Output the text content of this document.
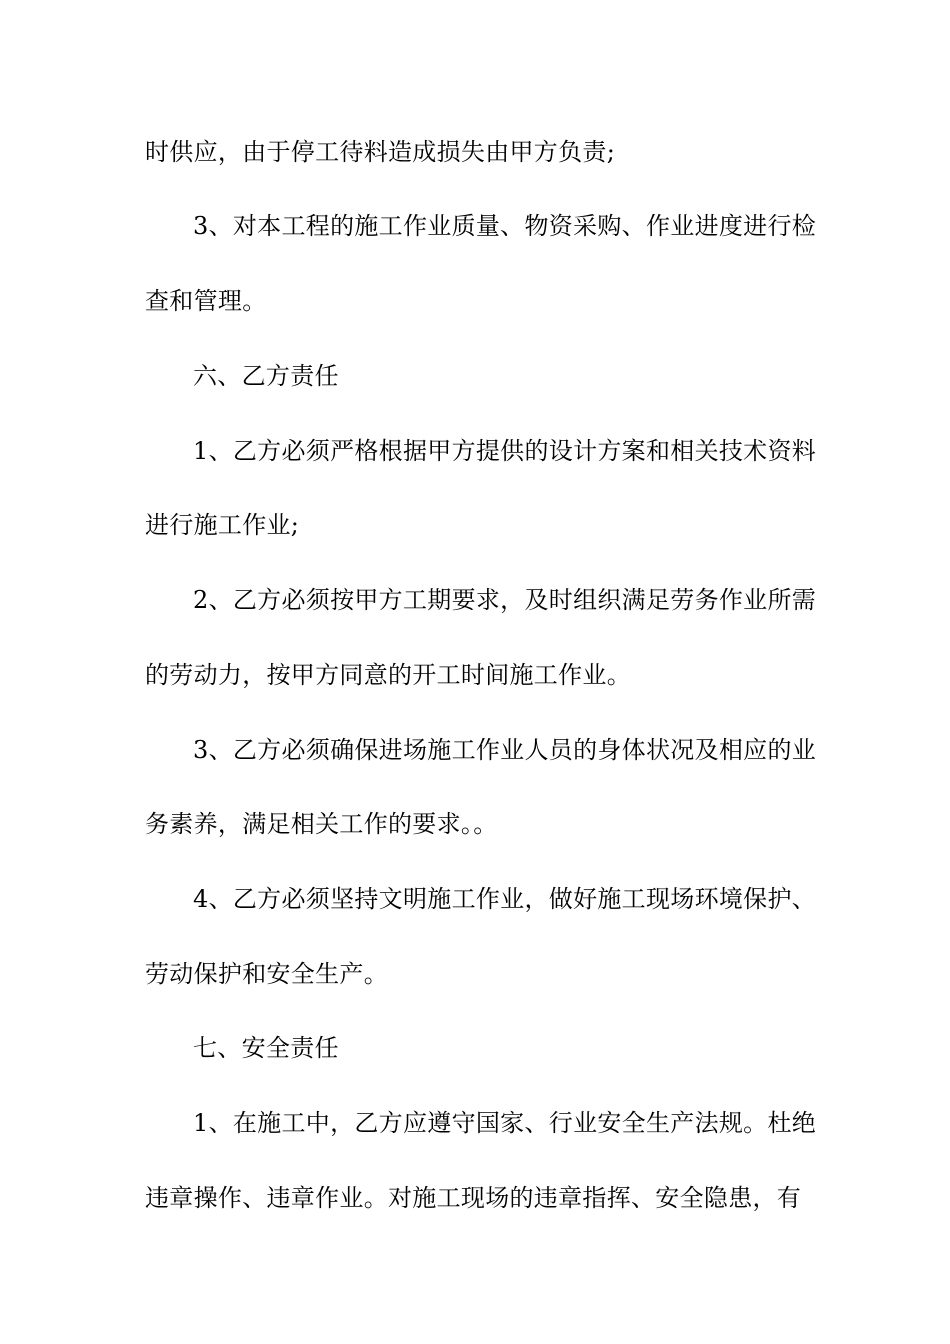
时供应，由于停工待料造成损失由甲方负责;
3、对本工程的施工作业质量、物资采购、作业进度进行检
查和管理。
六、乙方责任
1、乙方必须严格根据甲方提供的设计方案和相关技术资料
进行施工作业;
2、乙方必须按甲方工期要求，及时组织满足劳务作业所需
的劳动力，按甲方同意的开工时间施工作业。
3、乙方必须确保进场施工作业人员的身体状况及相应的业
务素养，满足相关工作的要求。。
4、乙方必须坚持文明施工作业，做好施工现场环境保护、
劳动保护和安全生产。
七、安全责任
1、在施工中，乙方应遵守国家、行业安全生产法规。杜绝
违章操作、违章作业。对施工现场的违章指挥、安全隐患，有
